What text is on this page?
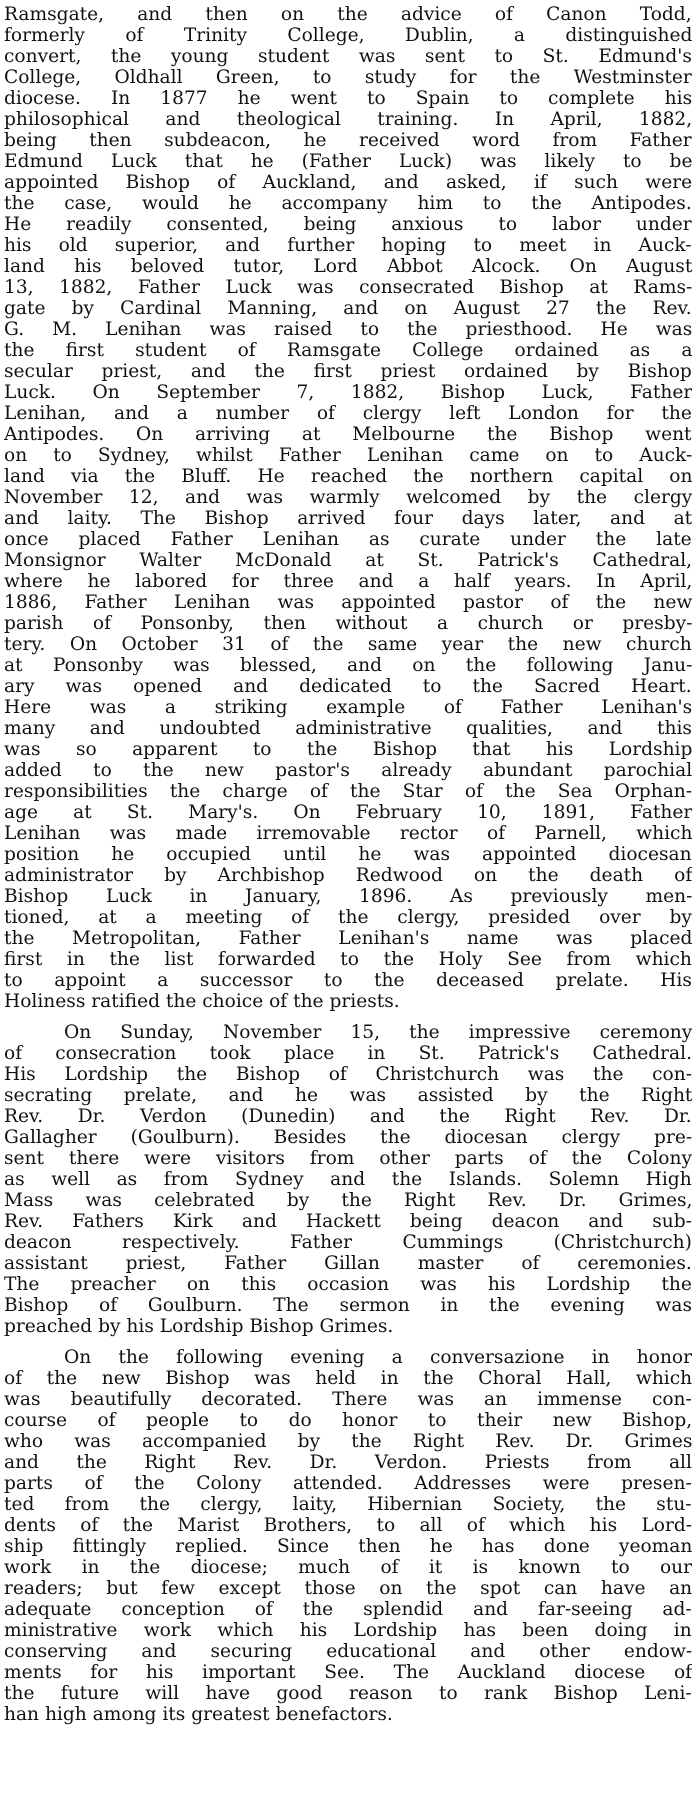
Ramsgate, and then on the advice of Canon Todd,
formerly of Trinity College, Dublin, a distinguished
convert, the young student was sent to St. Edmund's
College, Oldhall Green, to study for the Westminster
diocese. In 1877 he went to Spain to complete his
philosophical and theological training. In April, 1882,
being then subdeacon, he received word from Father
Edmund Luck that he (Father Luck) was likely to be
appointed Bishop of Auckland, and asked, if such were
the case, would he accompany him to the Antipodes.
He readily consented, being anxious to labor under
his old superior, and further hoping to meet in Auck-
land his beloved tutor, Lord Abbot Alcock. On August
13, 1882, Father Luck was consecrated Bishop at Rams-
gate by Cardinal Manning, and on August 27 the Rev.
G. M. Lenihan was raised to the priesthood. He was
the first student of Ramsgate College ordained as a
secular priest, and the first priest ordained by Bishop
Luck. On September 7, 1882, Bishop Luck, Father
Lenihan, and a number of clergy left London for the
Antipodes. On arriving at Melbourne the Bishop went
on to Sydney, whilst Father Lenihan came on to Auck-
land via the Bluff. He reached the northern capital on
November 12, and was warmly welcomed by the clergy
and laity. The Bishop arrived four days later, and at
once placed Father Lenihan as curate under the late
Monsignor Walter McDonald at St. Patrick's Cathedral,
where he labored for three and a half years. In April,
1886, Father Lenihan was appointed pastor of the new
parish of Ponsonby, then without a church or presby-
tery. On October 31 of the same year the new church
at Ponsonby was blessed, and on the following Janu-
ary was opened and dedicated to the Sacred Heart.
Here was a striking example of Father Lenihan's
many and undoubted administrative qualities, and this
was so apparent to the Bishop that his Lordship
added to the new pastor's already abundant parochial
responsibilities the charge of the Star of the Sea Orphan-
age at St. Mary's. On February 10, 1891, Father
Lenihan was made irremovable rector of Parnell, which
position he occupied until he was appointed diocesan
administrator by Archbishop Redwood on the death of
Bishop Luck in January, 1896. As previously men-
tioned, at a meeting of the clergy, presided over by
the Metropolitan, Father Lenihan's name was placed
first in the list forwarded to the Holy See from which
to appoint a successor to the deceased prelate. His
Holiness ratified the choice of the priests.
On Sunday, November 15, the impressive ceremony
of consecration took place in St. Patrick's Cathedral.
His Lordship the Bishop of Christchurch was the con-
secrating prelate, and he was assisted by the Right
Rev. Dr. Verdon (Dunedin) and the Right Rev. Dr.
Gallagher (Goulburn). Besides the diocesan clergy pre-
sent there were visitors from other parts of the Colony
as well as from Sydney and the Islands. Solemn High
Mass was celebrated by the Right Rev. Dr. Grimes,
Rev. Fathers Kirk and Hackett being deacon and sub-
deacon respectively. Father Cummings (Christchurch)
assistant priest, Father Gillan master of ceremonies.
The preacher on this occasion was his Lordship the
Bishop of Goulburn. The sermon in the evening was
preached by his Lordship Bishop Grimes.
On the following evening a conversazione in honor
of the new Bishop was held in the Choral Hall, which
was beautifully decorated. There was an immense con-
course of people to do honor to their new Bishop,
who was accompanied by the Right Rev. Dr. Grimes
and the Right Rev. Dr. Verdon. Priests from all
parts of the Colony attended. Addresses were presen-
ted from the clergy, laity, Hibernian Society, the stu-
dents of the Marist Brothers, to all of which his Lord-
ship fittingly replied. Since then he has done yeoman
work in the diocese; much of it is known to our
readers; but few except those on the spot can have an
adequate conception of the splendid and far-seeing ad-
ministrative work which his Lordship has been doing in
conserving and securing educational and other endow-
ments for his important See. The Auckland diocese of
the future will have good reason to rank Bishop Leni-
han high among its greatest benefactors.
